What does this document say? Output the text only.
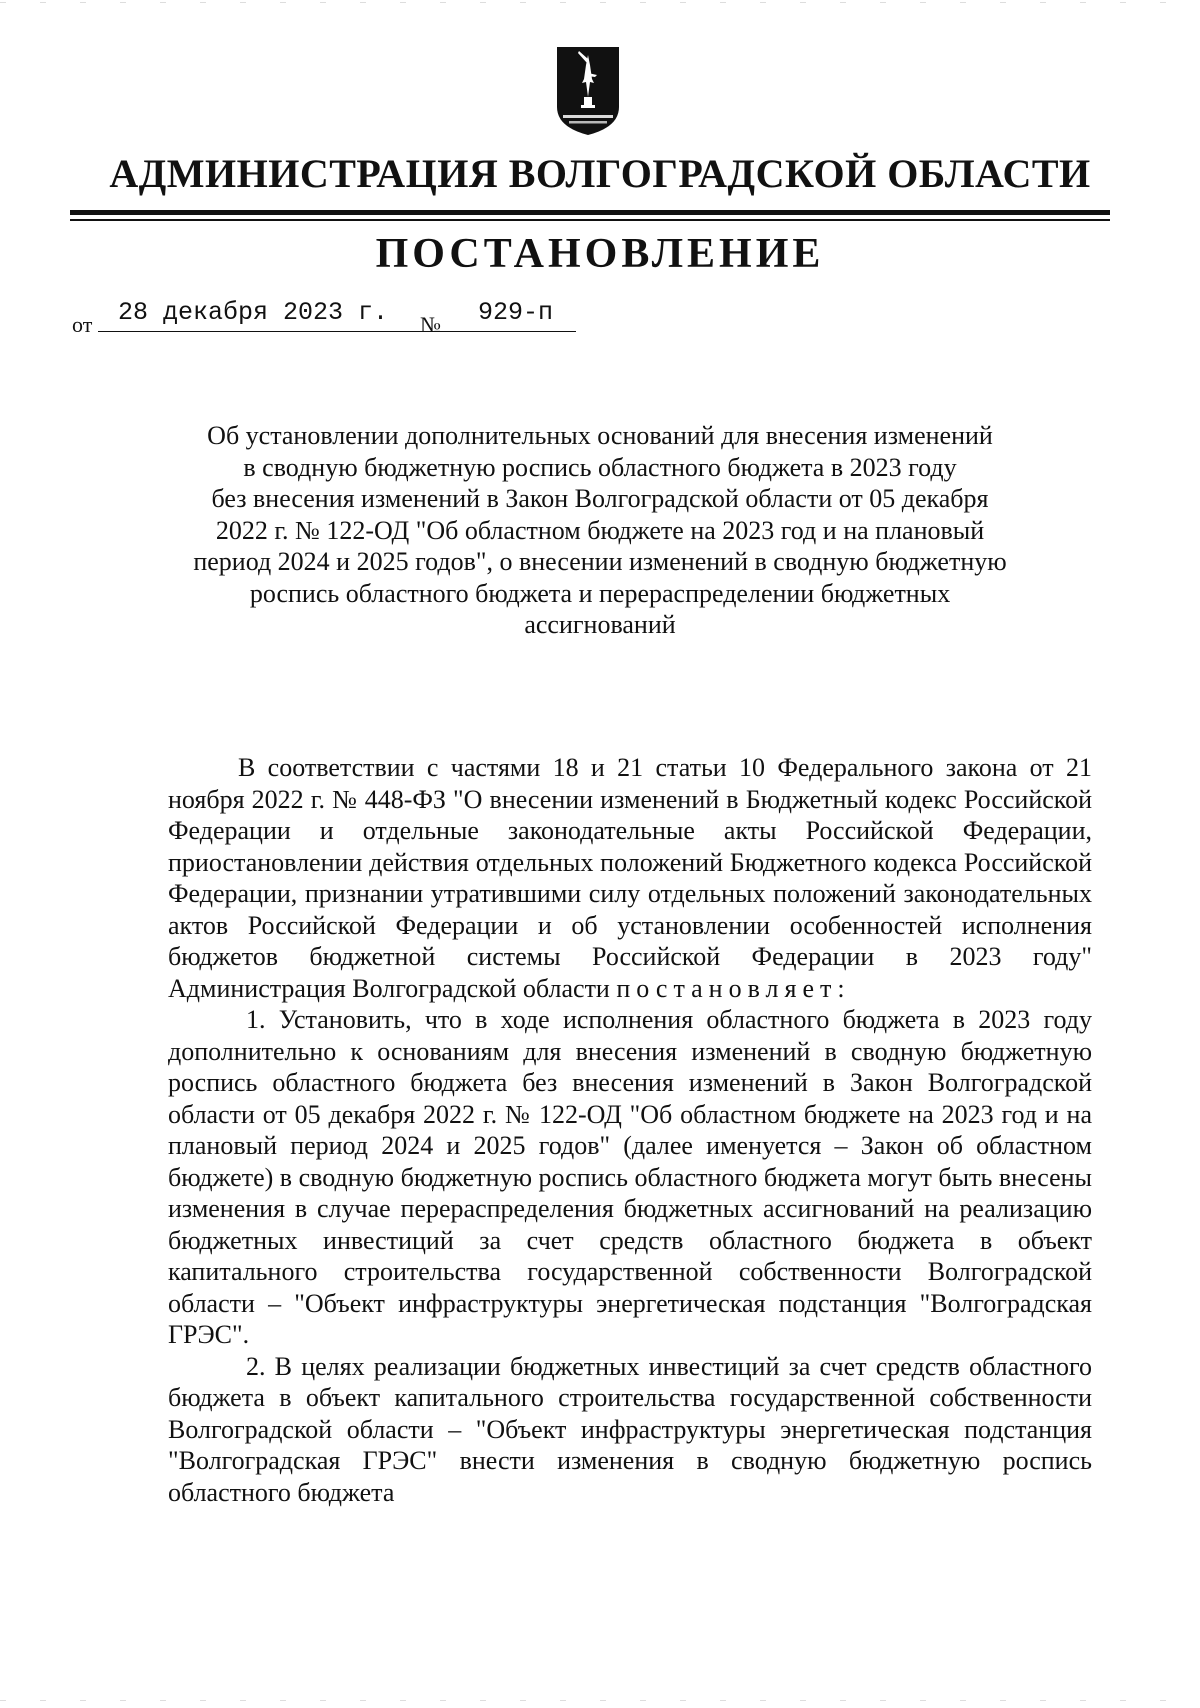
АДМИНИСТРАЦИЯ ВОЛГОГРАДСКОЙ ОБЛАСТИ
ПОСТАНОВЛЕНИЕ
от	28 декабря 2023 г.	№	929-п
Об установлении дополнительных оснований для внесения изменений
в сводную бюджетную роспись областного бюджета в 2023 году
без внесения изменений в Закон Волгоградской области от 05 декабря
2022 г. № 122-ОД "Об областном бюджете на 2023 год и на плановый
период 2024 и 2025 годов", о внесении изменений в сводную бюджетную
роспись областного бюджета и перераспределении бюджетных
ассигнований

В соответствии с частями 18 и 21 статьи 10 Федерального закона от 21 ноября 2022 г. № 448-ФЗ "О внесении изменений в Бюджетный кодекс Российской Федерации и отдельные законодательные акты Российской Федерации, приостановлении действия отдельных положений Бюджетного кодекса Российской Федерации, признании утратившими силу отдельных положений законодательных актов Российской Федерации и об установлении особенностей исполнения бюджетов бюджетной системы Российской Федерации в 2023 году" Администрация Волгоградской области постановляет:

1. Установить, что в ходе исполнения областного бюджета в 2023 году дополнительно к основаниям для внесения изменений в сводную бюджетную роспись областного бюджета без внесения изменений в Закон Волгоградской области от 05 декабря 2022 г. № 122-ОД "Об областном бюджете на 2023 год и на плановый период 2024 и 2025 годов" (далее именуется – Закон об областном бюджете) в сводную бюджетную роспись областного бюджета могут быть внесены изменения в случае перераспределения бюджетных ассигнований на реализацию бюджетных инвестиций за счет средств областного бюджета в объект капитального строительства государственной собственности Волгоградской области – "Объект инфраструктуры энергетическая подстанция "Волгоградская ГРЭС".

2. В целях реализации бюджетных инвестиций за счет средств областного бюджета в объект капитального строительства государственной собственности Волгоградской области – "Объект инфраструктуры энергетическая подстанция "Волгоградская ГРЭС" внести изменения в сводную бюджетную роспись областного бюджета
